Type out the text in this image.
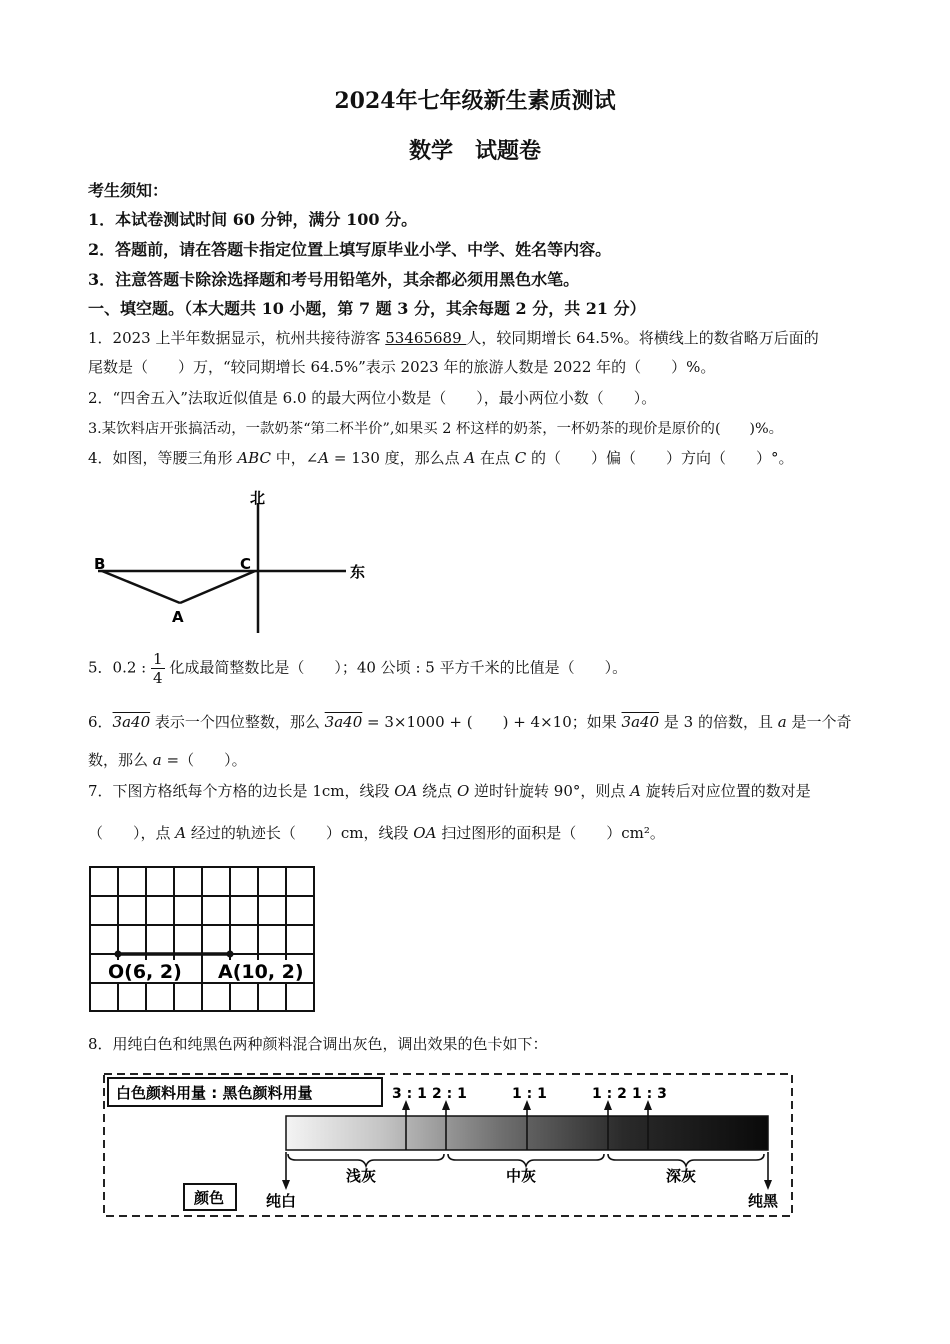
2024年七年级新生素质测试
数学　试题卷
考生须知：
1．本试卷测试时间 60 分钟，满分 100 分。
2．答题前，请在答题卡指定位置上填写原毕业小学、中学、姓名等内容。
3．注意答题卡除涂选择题和考号用铅笔外，其余都必须用黑色水笔。
一、填空题。（本大题共 10 小题，第 7 题 3 分，其余每题 2 分，共 21 分）
1．2023 上半年数据显示，杭州共接待游客 53465689 人，较同期增长 64.5%。将横线上的数省略万后面的
尾数是（　　）万，“较同期增长 64.5%”表示 2023 年的旅游人数是 2022 年的（　　）%。
2．“四舍五入”法取近似值是 6.0 的最大两位小数是（　　），最小两位小数（　　）。
3.某饮料店开张搞活动，一款奶茶“第二杯半价”,如果买 2 杯这样的奶茶，一杯奶茶的现价是原价的(　　)%。
4．如图，等腰三角形 ABC 中，∠A = 130 度，那么点 A 在点 C 的（　　）偏（　　）方向（　　）°。
北
东
B	C
A
5．0.2 : $\frac{1}{4}$ 化成最简整数比是（　　）；40 公顷 : 5 平方千米的比值是（　　）。
6．3a40 表示一个四位整数，那么 3a40 = 3×1000 + (　　) + 4×10；如果 3a40 是 3 的倍数，且 a 是一个奇
数，那么 a =（　　）。
7．下图方格纸每个方格的边长是 1cm，线段 OA 绕点 O 逆时针旋转 90°，则点 A 旋转后对应位置的数对是
（　　），点 A 经过的轨迹长（　　）cm，线段 OA 扫过图形的面积是（　　）cm²。
O(6, 2) A(10, 2)
8．用纯白色和纯黑色两种颜料混合调出灰色，调出效果的色卡如下：
白色颜料用量 : 黑色颜料用量	3 : 1 2 : 1	1 : 1	1 : 2 1 : 3
浅灰	中灰	深灰
颜色	纯白	纯黑
